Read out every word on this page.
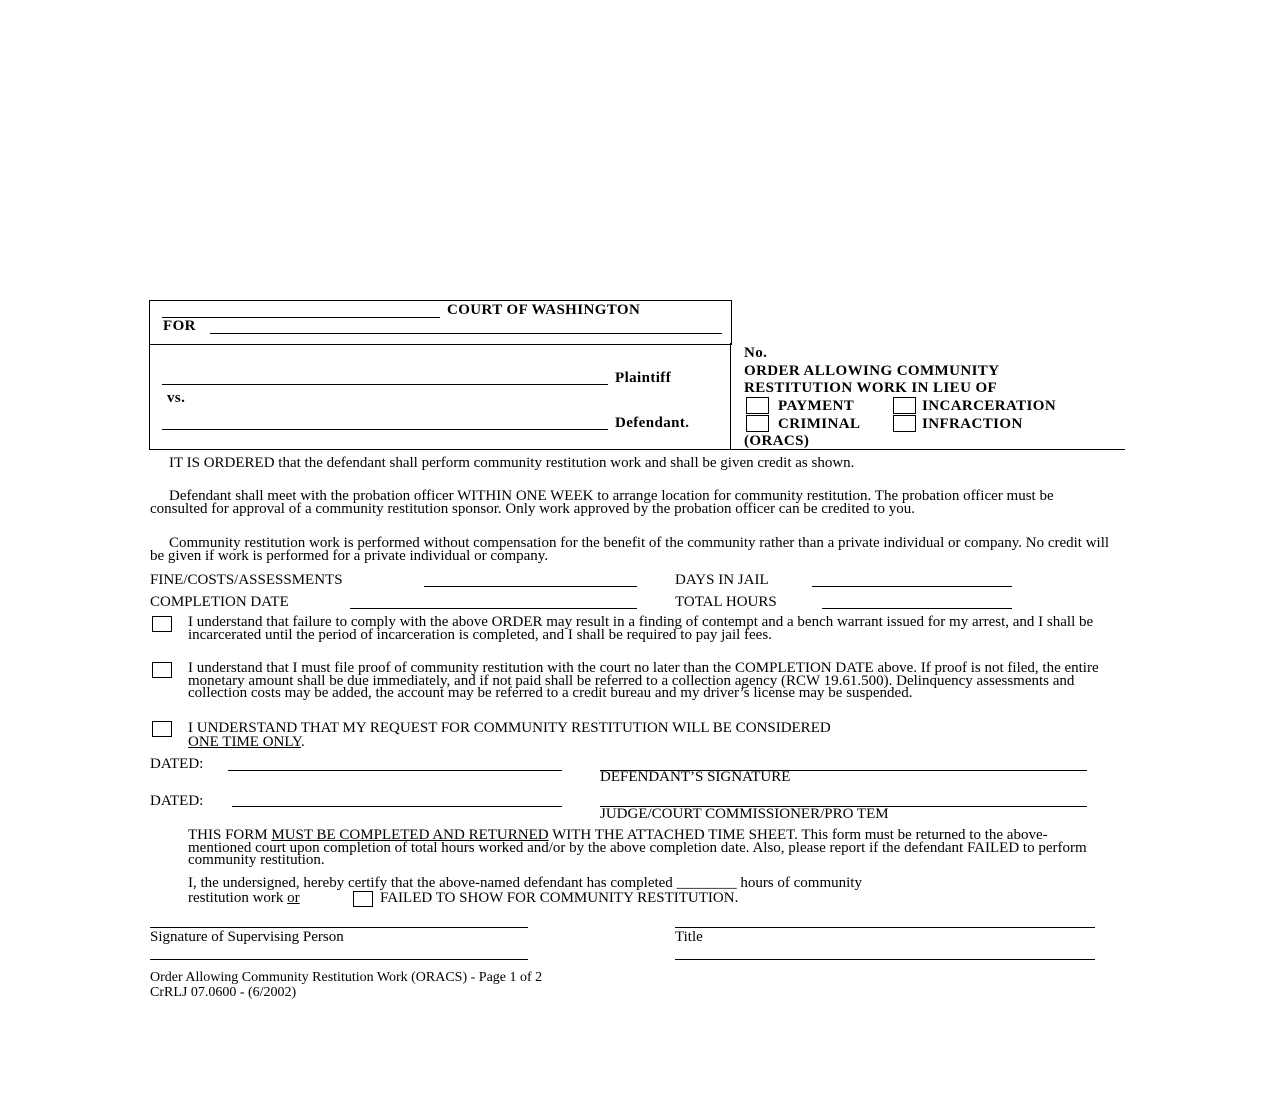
COURT OF WASHINGTON
FOR
Plaintiff
vs.
Defendant.
No.
ORDER ALLOWING COMMUNITY
RESTITUTION WORK IN LIEU OF
PAYMENT	INCARCERATION
CRIMINAL	INFRACTION
(ORACS)
IT IS ORDERED that the defendant shall perform community restitution work and shall be given credit as shown.
Defendant shall meet with the probation officer WITHIN ONE WEEK to arrange location for community restitution. The probation officer must be consulted for approval of a community restitution sponsor. Only work approved by the probation officer can be credited to you.
Community restitution work is performed without compensation for the benefit of the community rather than a private individual or company. No credit will be given if work is performed for a private individual or company.
FINE/COSTS/ASSESSMENTS	DAYS IN JAIL
COMPLETION DATE	TOTAL HOURS
I understand that failure to comply with the above ORDER may result in a finding of contempt and a bench warrant issued for my arrest, and I shall be incarcerated until the period of incarceration is completed, and I shall be required to pay jail fees.
I understand that I must file proof of community restitution with the court no later than the COMPLETION DATE above. If proof is not filed, the entire monetary amount shall be due immediately, and if not paid shall be referred to a collection agency (RCW 19.61.500). Delinquency assessments and collection costs may be added, the account may be referred to a credit bureau and my driver’s license may be suspended.
I UNDERSTAND THAT MY REQUEST FOR COMMUNITY RESTITUTION WILL BE CONSIDERED
ONE TIME ONLY.
DATED:
DEFENDANT’S SIGNATURE
DATED:
JUDGE/COURT COMMISSIONER/PRO TEM
THIS FORM MUST BE COMPLETED AND RETURNED WITH THE ATTACHED TIME SHEET. This form must be returned to the above-mentioned court upon completion of total hours worked and/or by the above completion date. Also, please report if the defendant FAILED to perform community restitution.
I, the undersigned, hereby certify that the above-named defendant has completed ________ hours of community
restitution work or	FAILED TO SHOW FOR COMMUNITY RESTITUTION.
Signature of Supervising Person	Title
Order Allowing Community Restitution Work (ORACS) - Page 1 of 2
CrRLJ 07.0600 - (6/2002)
